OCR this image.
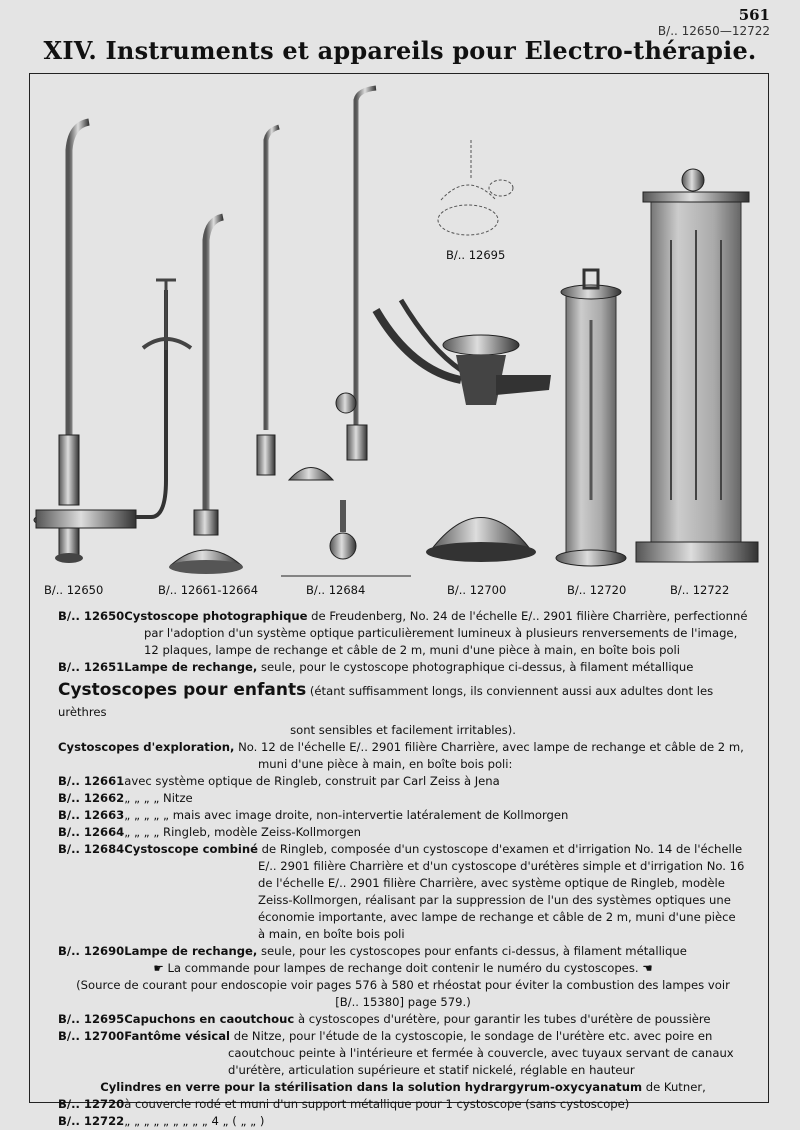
561
B/.. 12650—12722
XIV. Instruments et appareils pour Electro-thérapie.
B/.. 12650	B/.. 12661-12664	B/.. 12684
B/.. 12695
B/.. 12700	B/.. 12720	B/.. 12722
B/.. 12650 Cystoscope photographique de Freudenberg, No. 24 de l'échelle E/.. 2901 filière Charrière, perfectionné
par l'adoption d'un système optique particulièrement lumineux à plusieurs renversements de l'image,
12 plaques, lampe de rechange et câble de 2 m, muni d'une pièce à main, en boîte bois poli
B/.. 12651 Lampe de rechange, seule, pour le cystoscope photographique ci-dessus, à filament métallique
Cystoscopes pour enfants (étant suffisamment longs, ils conviennent aussi aux adultes dont les urèthres
sont sensibles et facilement irritables).
Cystoscopes d'exploration, No. 12 de l'échelle E/.. 2901 filière Charrière, avec lampe de rechange et câble de 2 m,
muni d'une pièce à main, en boîte bois poli:
B/.. 12661 avec système optique de Ringleb, construit par Carl Zeiss à Jena
B/.. 12662 „ „ „ „ Nitze
B/.. 12663 „ „ „ „ „ mais avec image droite, non-intervertie latéralement de Kollmorgen
B/.. 12664 „ „ „ „ Ringleb, modèle Zeiss-Kollmorgen
B/.. 12684 Cystoscope combiné de Ringleb, composée d'un cystoscope d'examen et d'irrigation No. 14 de l'échelle
E/.. 2901 filière Charrière et d'un cystoscope d'urétères simple et d'irrigation No. 16
de l'échelle E/.. 2901 filière Charrière, avec système optique de Ringleb, modèle
Zeiss-Kollmorgen, réalisant par la suppression de l'un des systèmes optiques une
économie importante, avec lampe de rechange et câble de 2 m, muni d'une pièce
à main, en boîte bois poli
B/.. 12690 Lampe de rechange, seule, pour les cystoscopes pour enfants ci-dessus, à filament métallique
☛ La commande pour lampes de rechange doit contenir le numéro du cystoscopes. ☚
(Source de courant pour endoscopie voir pages 576 à 580 et rhéostat pour éviter la combustion des lampes voir
[B/.. 15380] page 579.)
B/.. 12695 Capuchons en caoutchouc à cystoscopes d'urétère, pour garantir les tubes d'urétère de poussière
B/.. 12700 Fantôme vésical de Nitze, pour l'étude de la cystoscopie, le sondage de l'urétère etc. avec poire en
caoutchouc peinte à l'intérieure et fermée à couvercle, avec tuyaux servant de canaux
d'urétère, articulation supérieure et statif nickelé, réglable en hauteur
Cylindres en verre pour la stérilisation dans la solution hydrargyrum-oxycyanatum de Kutner,
B/.. 12720 à couvercle rodé et muni d'un support métallique pour 1 cystoscope (sans cystoscope)
B/.. 12722 „ „ „ „ „ „ „ „ „ 4 „ ( „ „ )
